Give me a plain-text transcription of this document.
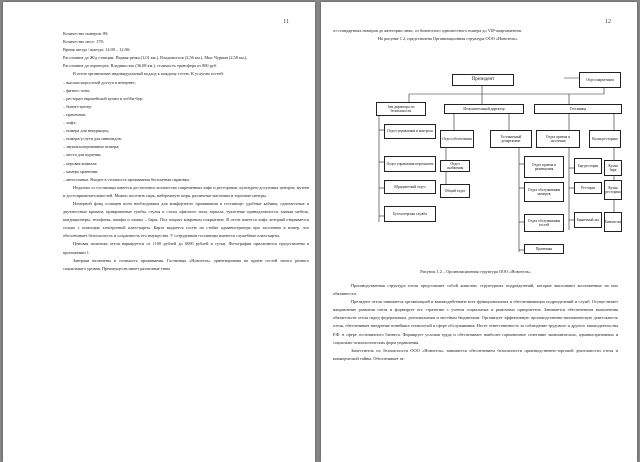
11
Количество номеров: 89;
Количество мест: 178;
Время заезда / выезда: 14:00 – 12:00;
Расстояние до Ж/д станции: Первая речка (1,01 км.), Владивосток (2,56 км.), Мыс Чуркин (2,58 км.);
Расстояние до аэропорта: Владивосток (36,08 км.), стоимость трансфера от 800 руб.
В отеле организован индивидуальный подход к каждому гостю. К услугам гостей:
– высокоскоростной доступ в интернет;
– фитнес-зона;
– ресторан европейской кухни и лобби-бар;
– бизнес-центр;
– прачечная;
– лифт;
– номера для некурящих;
– номера/услуги для инвалидов;
– звукоизолированные номера;
– места для курения;
– игровая комната;
– камера хранения;
– автостоянка. Входит в стоимость проживания бесплатная парковка.
Недалеко от гостиницы имеется достаточное количество современных кафе и ресторанов, культурно-досуговых центров, музеев и достопримечательностей. Можно посетить парк, набережную моря, различные магазины и торговые центры.
Номерной фонд оснащен всем необходимым для комфортного проживания в гостинице: удобные кабины, одноместные и двухместные кровати, прикроватные тумбы, стулья и столы офисного типа, зеркала, туалетные принадлежности, мягкая мебель, кондиционеры, телефоны, шкафы и лампы – бары. Пол покрыт ковровым покрытием. В отеле имеется лифт, который открывается только с помощью электронной ключ-карты. Карта выдается гостю на стойке администратора при заселении в номер, что обеспечивает безопасность и сохранность его имущества. У сотрудников гостиницы имеются служебные ключ-карты.
Ценовая политика отеля варьируется от 1100 рублей до 6000 рублей в сутки. Фотографии прилагаются представлены в приложении 1.
Завтраки включены в стоимость проживания. Гостиница «Новотель» ориентирована на прием гостей своего разного социального уровня. Преимуществ имеет различные типы
12
от стандартных номеров до категории люкс, от бизнесного одноместного номера до VIP-апартаментов.
На рисунке 1.2, представлена Организационная структура ООО «Новотель».
Президент	Отдел маркетинга
Зам директора по безопасности
Исполнительный директор	Гостиница
Отдел управления и контроля
Отдел обеспечения
Гостиничный департамент
Отдел приема и заселения
Кухня ресторана
Отдел управления персоналом	Отдел снабжения
Отдел приема и размещения
Бар-ресторан	Кухня бара
Юридический отдел
Общий отдел	Отдел обслуживания номеров
Ресторан	Кухня ресторана
Бухгалтерская служба
Отдел обслуживания гостей
Банкетный зал	Химчистка
Прачечная
Рисунок 1.2 – Организационная структура ООО «Новотель»
Производственная структура отеля представляет собой комплекс структурных подразделений, которые выполняют возложенные на них обязанности.
Президент отеля занимается организацией и взаимодействием всех функциональных и обеспечивающих подразделений и служб. Осуществляет направление развития отеля и формирует его стратегию с учетом социальных и рыночных приоритетов. Занимается обеспечением выполнения обязательств отеля перед федеральным, региональным и местным бюджетами. Организует эффективную производственно-экономическую деятельность отеля, обеспечивает внедрение новейших технологий в сфере обслуживания. Несет ответственность за соблюдение трудового и другого законодательства Р.Ф. в сфере гостиничного бизнеса. Формирует условия труда и обеспечивает наиболее гармоничное сочетание экономических, административных и социально-психологических форм управления.
Заместитель по безопасности ООО «Новотель» занимается обеспечением безопасности производственно-торговой деятельности отеля и коммерческой тайны. Обеспечивает за-
